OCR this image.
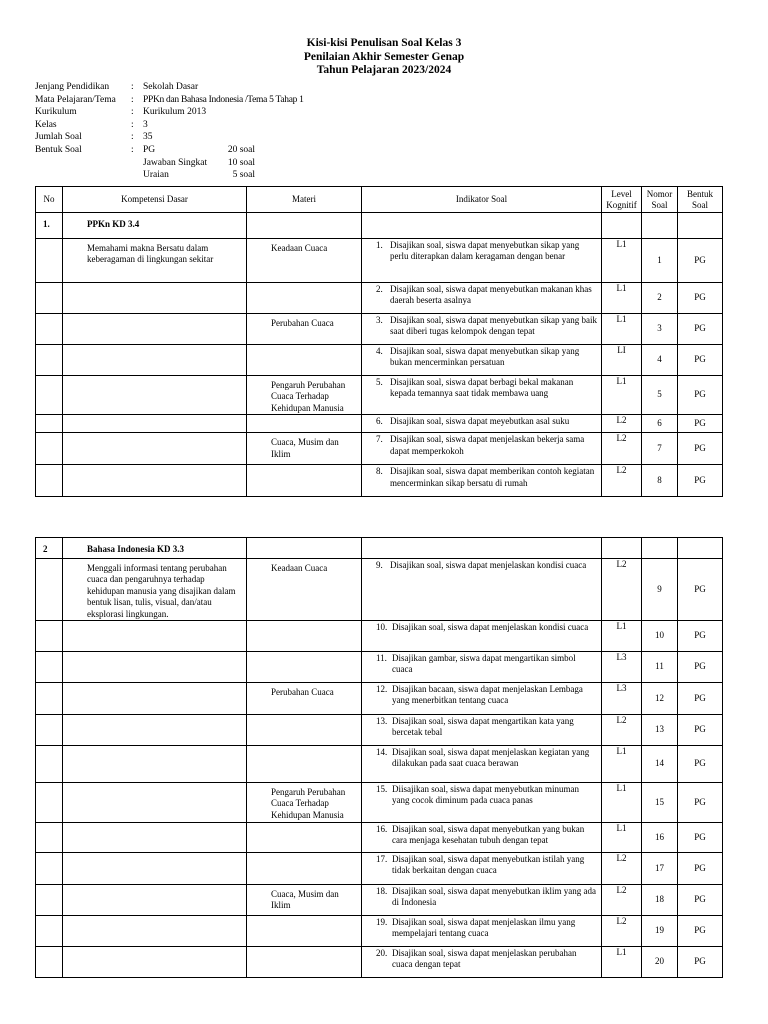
Kisi-kisi Penulisan Soal Kelas 3
Penilaian Akhir Semester Genap
Tahun Pelajaran 2023/2024
Jenjang Pendidikan	: Sekolah Dasar
Mata Pelajaran/Tema	: PPKn dan Bahasa Indonesia /Tema 5 Tahap 1
Kurikulum	: Kurikulum 2013
Kelas	: 3
Jumlah Soal	: 35
Bentuk Soal	: PG	20 soal
Jawaban Singkat	10 soal
Uraian	5 soal
No	Kompetensi Dasar	Materi	Indikator Soal	Level Kognitif	Nomor Soal	Bentuk Soal
1.	PPKn KD 3.4					
	Memahami makna Bersatu dalam keberagaman di lingkungan sekitar	Keadaan Cuaca	1. Disajikan soal, siswa dapat menyebutkan sikap yang perlu diterapkan dalam keragaman dengan benar	L1	1	PG

			2. Disajikan soal, siswa dapat menyebutkan makanan khas daerah beserta asalnya	L1	2	PG
		Perubahan Cuaca	3. Disajikan soal, siswa dapat menyebutkan sikap yang baik saat diberi tugas kelompok dengan tepat	L1	3	PG

			4. Disajikan soal, siswa dapat menyebutkan sikap yang bukan mencerminkan persatuan	LI	4	PG
		Pengaruh Perubahan Cuaca Terhadap Kehidupan Manusia	5. Disajikan soal, siswa dapat berbagi bekal makanan kepada temannya saat tidak membawa uang	L1	5	PG

			6. Disajikan soal, siswa dapat meyebutkan asal suku	L2	6	PG
		Cuaca, Musim dan Iklim	7. Disajikan soal, siswa dapat menjelaskan bekerja sama dapat memperkokoh	L2	7	PG

			8. Disajikan soal, siswa dapat memberikan contoh kegiatan mencerminkan sikap bersatu di rumah	L2	8	PG
2	Bahasa Indonesia KD 3.3					
	Menggali informasi tentang perubahan cuaca dan pengaruhnya terhadap kehidupan manusia yang disajikan dalam bentuk lisan, tulis, visual, dan/atau eksplorasi lingkungan.	Keadaan Cuaca	9. Disajikan soal, siswa dapat menjelaskan kondisi cuaca	L2	9	PG

			10. Disajikan soal, siswa dapat menjelaskan kondisi cuaca	L1	10	PG

			11. Disajikan gambar, siswa dapat mengartikan simbol cuaca	L3	11	PG
		Perubahan Cuaca	12. Disajikan bacaan, siswa dapat menjelaskan Lembaga yang menerbitkan tentang cuaca	L3	12	PG

			13. Disajikan soal, siswa dapat mengartikan kata yang bercetak tebal	L2	13	PG

			14. Disajikan soal, siswa dapat menjelaskan kegiatan yang dilakukan pada saat cuaca berawan	L1	14	PG
		Pengaruh Perubahan Cuaca Terhadap Kehidupan Manusia	15. Diisajikan soal, siswa dapat menyebutkan minuman yang cocok diminum pada cuaca panas	L1	15	PG

			16. Disajikan soal, siswa dapat menyebutkan yang bukan cara menjaga kesehatan tubuh dengan tepat	L1	16	PG

			17. Disajikan soal, siswa dapat menyebutkan istilah yang tidak berkaitan dengan cuaca	L2	17	PG
		Cuaca, Musim dan Iklim	18. Disajikan soal, siswa dapat menyebutkan iklim yang ada di Indonesia	L2	18	PG

			19. Disajikan soal, siswa dapat menjelaskan ilmu yang mempelajari tentang cuaca	L2	19	PG

			20. Disajikan soal, siswa dapat menjelaskan perubahan cuaca dengan tepat	L1	20	PG
